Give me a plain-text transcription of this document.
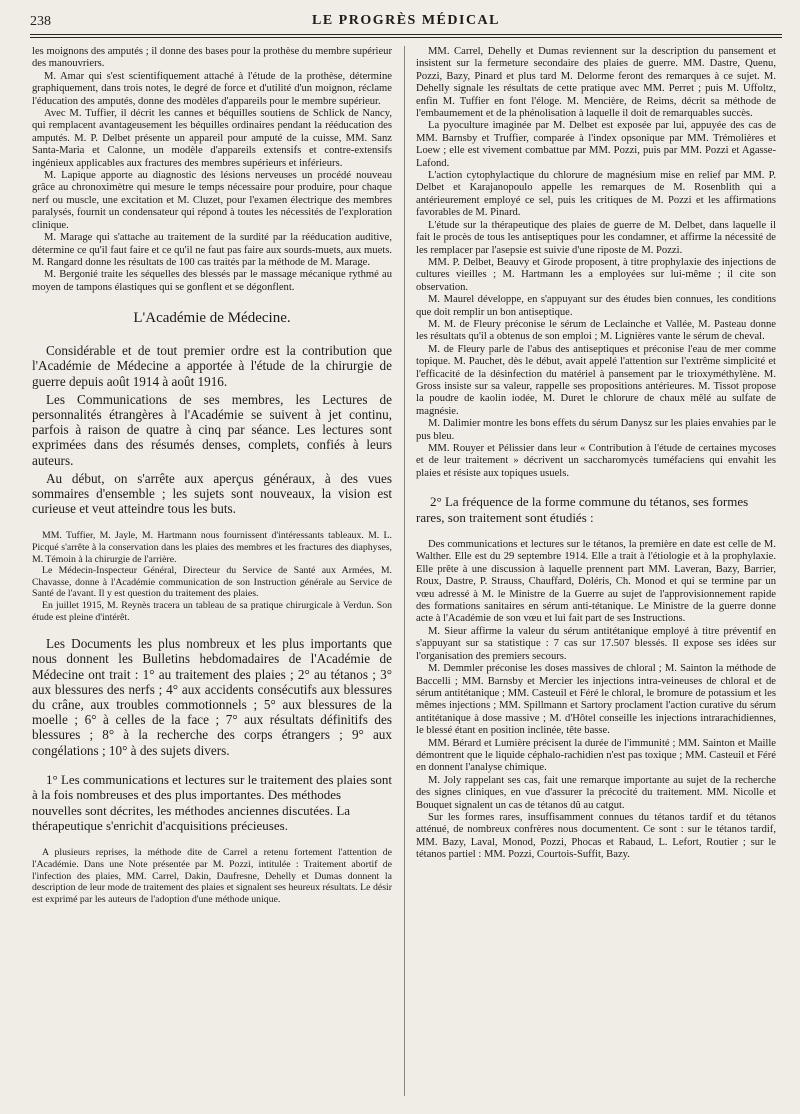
238	LE PROGRÈS MÉDICAL

les moignons des amputés ; il donne des bases pour la prothèse du membre supérieur des manouvriers.

M. Amar qui s'est scientifiquement attaché à l'étude de la prothèse, détermine graphiquement, dans trois notes, le degré de force et d'utilité d'un moignon, réclame l'éducation des amputés, donne des modèles d'appareils pour le membre supérieur.

Avec M. Tuffier, il décrit les cannes et béquilles soutiens de Schlick de Nancy, qui remplacent avantageusement les béquilles ordinaires pendant la rééducation des amputés. M. P. Delbet présente un appareil pour amputé de la cuisse, MM. Sanz Santa-Maria et Calonne, un modèle d'appareils extensifs et contre-extensifs ingénieux applicables aux fractures des membres supérieurs et inférieurs.

M. Lapique apporte au diagnostic des lésions nerveuses un procédé nouveau grâce au chronoximètre qui mesure le temps nécessaire pour produire, pour chaque nerf ou muscle, une excitation et M. Cluzet, pour l'examen électrique des membres paralysés, fournit un condensateur qui répond à toutes les nécessités de l'exploration clinique.

M. Marage qui s'attache au traitement de la surdité par la rééducation auditive, détermine ce qu'il faut faire et ce qu'il ne faut pas faire aux sourds-muets, aux muets. M. Rangard donne les résultats de 100 cas traités par la méthode de M. Marage.

M. Bergonié traite les séquelles des blessés par le massage mécanique rythmé au moyen de tampons élastiques qui se gonflent et se dégonflent.

L'Académie de Médecine.

Considérable et de tout premier ordre est la contribution que l'Académie de Médecine a apportée à l'étude de la chirurgie de guerre depuis août 1914 à août 1916.

Les Communications de ses membres, les Lectures de personnalités étrangères à l'Académie se suivent à jet continu, parfois à raison de quatre à cinq par séance. Les lectures sont exprimées dans des résumés denses, complets, confiés à leurs auteurs.

Au début, on s'arrête aux aperçus généraux, à des vues sommaires d'ensemble ; les sujets sont nouveaux, la vision est curieuse et veut atteindre tous les buts.

MM. Tuffier, M. Jayle, M. Hartmann nous fournissent d'intéressants tableaux. M. L. Picqué s'arrête à la conservation dans les plaies des membres et les fractures des diaphyses, M. Témoin à la chirurgie de l'arrière.

Le Médecin-Inspecteur Général, Directeur du Service de Santé aux Armées, M. Chavasse, donne à l'Académie communication de son Instruction générale au Service de Santé de l'avant. Il y est question du traitement des plaies.

En juillet 1915, M. Reynès tracera un tableau de sa pratique chirurgicale à Verdun. Son étude est pleine d'intérêt.

Les Documents les plus nombreux et les plus importants que nous donnent les Bulletins hebdomadaires de l'Académie de Médecine ont trait : 1° au traitement des plaies ; 2° au tétanos ; 3° aux blessures des nerfs ; 4° aux accidents consécutifs aux blessures du crâne, aux troubles commotionnels ; 5° aux blessures de la moelle ; 6° à celles de la face ; 7° aux résultats définitifs des blessures ; 8° à la recherche des corps étrangers ; 9° aux congélations ; 10° à des sujets divers.

1° Les communications et lectures sur le traitement des plaies sont à la fois nombreuses et des plus importantes. Des méthodes nouvelles sont décrites, les méthodes anciennes discutées. La thérapeutique s'enrichit d'acquisitions précieuses.

A plusieurs reprises, la méthode dite de Carrel a retenu fortement l'attention de l'Académie. Dans une Note présentée par M. Pozzi, intitulée : Traitement abortif de l'infection des plaies, MM. Carrel, Dakin, Daufresne, Dehelly et Dumas donnent la description de leur mode de traitement des plaies et signalent ses heureux résultats. Le désir est exprimé par les auteurs de l'adoption d'une méthode unique.

MM. Carrel, Dehelly et Dumas reviennent sur la description du pansement et insistent sur la fermeture secondaire des plaies de guerre. MM. Dastre, Quenu, Pozzi, Bazy, Pinard et plus tard M. Delorme feront des remarques à ce sujet. M. Dehelly signale les résultats de cette pratique avec MM. Perret ; puis M. Uffoltz, enfin M. Tuffier en font l'éloge. M. Mencière, de Reims, décrit sa méthode de l'embaumement et de la phénolisation à laquelle il doit de remarquables succès.

La pyoculture imaginée par M. Delbet est exposée par lui, appuyée des cas de MM. Barnsby et Truffier, comparée à l'index opsonique par MM. Trémolières et Loew ; elle est vivement combattue par MM. Pozzi, puis par MM. Pozzi et Agasse-Lafond.

L'action cytophylactique du chlorure de magnésium mise en relief par MM. P. Delbet et Karajanopoulo appelle les remarques de M. Rosenblith qui a antérieurement employé ce sel, puis les critiques de M. Pozzi et les affirmations favorables de M. Pinard.

L'étude sur la thérapeutique des plaies de guerre de M. Delbet, dans laquelle il fait le procès de tous les antiseptiques pour les condamner, et affirme la nécessité de les remplacer par l'asepsie est suivie d'une riposte de M. Pozzi.

MM. P. Delbet, Beauvy et Girode proposent, à titre prophylaxie des injections de cultures vieilles ; M. Hartmann les a employées sur lui-même ; il cite son observation.

M. Maurel développe, en s'appuyant sur des études bien connues, les conditions que doit remplir un bon antiseptique.

M. M. de Fleury préconise le sérum de Leclainche et Vallée, M. Pasteau donne les résultats qu'il a obtenus de son emploi ; M. Lignières vante le sérum de cheval.

M. de Fleury parle de l'abus des antiseptiques et préconise l'eau de mer comme topique. M. Pauchet, dès le début, avait appelé l'attention sur l'extrême simplicité et l'efficacité de la désinfection du matériel à pansement par le trioxyméthylène. M. Gross insiste sur sa valeur, rappelle ses propositions antérieures. M. Tissot propose la poudre de kaolin iodée, M. Duret le chlorure de chaux mêlé au sulfate de magnésie.

M. Dalimier montre les bons effets du sérum Danysz sur les plaies envahies par le pus bleu.

MM. Rouyer et Pélissier dans leur « Contribution à l'étude de certaines mycoses et de leur traitement » décrivent un saccharomycès tuméfaciens qui envahit les plaies et résiste aux topiques usuels.

2° La fréquence de la forme commune du tétanos, ses formes rares, son traitement sont étudiés :

Des communications et lectures sur le tétanos, la première en date est celle de M. Walther. Elle est du 29 septembre 1914. Elle a trait à l'étiologie et à la prophylaxie. Elle prête à une discussion à laquelle prennent part MM. Laveran, Bazy, Barrier, Roux, Dastre, P. Strauss, Chauffard, Doléris, Ch. Monod et qui se termine par un vœu adressé à M. le Ministre de la Guerre au sujet de l'approvisionnement rapide des formations sanitaires en sérum anti-tétanique. Le Ministre de la guerre donne acte à l'Académie de son vœu et lui fait part de ses Instructions.

M. Sieur affirme la valeur du sérum antitétanique employé à titre préventif en s'appuyant sur sa statistique : 7 cas sur 17.507 blessés. Il expose ses idées sur l'organisation des premiers secours.

M. Demmler préconise les doses massives de chloral ; M. Sainton la méthode de Baccelli ; MM. Barnsby et Mercier les injections intra-veineuses de chloral et de sérum antitétanique ; MM. Casteuil et Féré le chloral, le bromure de potassium et les mêmes injections ; MM. Spillmann et Sartory proclament l'action curative du sérum antitétanique à dose massive ; M. d'Hôtel conseille les injections intrarachidiennes, le blessé étant en position inclinée, tête basse.

MM. Bérard et Lumière précisent la durée de l'immunité ; MM. Sainton et Maille démontrent que le liquide céphalo-rachidien n'est pas toxique ; MM. Casteuil et Féré en donnent l'analyse chimique.

M. Joly rappelant ses cas, fait une remarque importante au sujet de la recherche des signes cliniques, en vue d'assurer la précocité du traitement. MM. Nicolle et Bouquet signalent un cas de tétanos dû au catgut.

Sur les formes rares, insuffisamment connues du tétanos tardif et du tétanos atténué, de nombreux confrères nous documentent. Ce sont : sur le tétanos tardif, MM. Bazy, Laval, Monod, Pozzi, Phocas et Rabaud, L. Lefort, Routier ; sur le tétanos partiel : MM. Pozzi, Courtois-Suffit, Bazy.
